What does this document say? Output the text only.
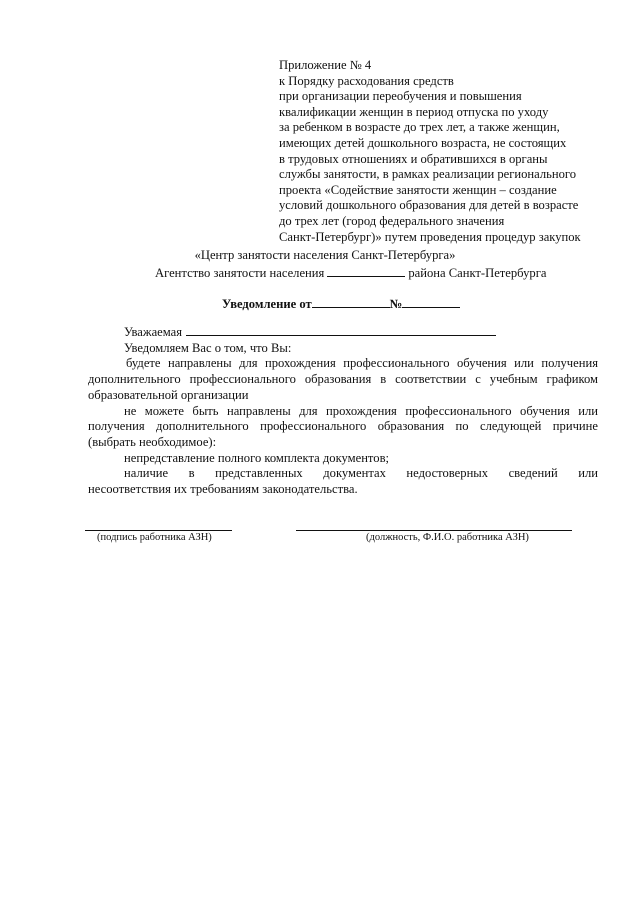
Приложение № 4
к Порядку расходования средств
при организации переобучения и повышения
квалификации женщин в период отпуска по уходу
за ребенком в возрасте до трех лет, а также женщин,
имеющих детей дошкольного возраста, не состоящих
в трудовых отношениях и обратившихся в органы
службы занятости, в рамках реализации регионального
проекта «Содействие занятости женщин – создание
условий дошкольного образования для детей в возрасте
до трех лет (город федерального значения
Санкт-Петербург)» путем проведения процедур закупок
«Центр занятости населения Санкт-Петербурга»
Агентство занятости населения	района Санкт-Петербурга
Уведомление от	№
Уважаемая
Уведомляем Вас о том, что Вы:
будете направлены для прохождения профессионального обучения или получения дополнительного профессионального образования в соответствии с учебным графиком образовательной организации
не можете быть направлены для прохождения профессионального обучения или получения дополнительного профессионального образования по следующей причине (выбрать необходимое):
непредставление полного комплекта документов;
наличие в представленных документах недостоверных сведений или
несоответствия их требованиям законодательства.
(подпись работника АЗН)	(должность, Ф.И.О. работника АЗН)
